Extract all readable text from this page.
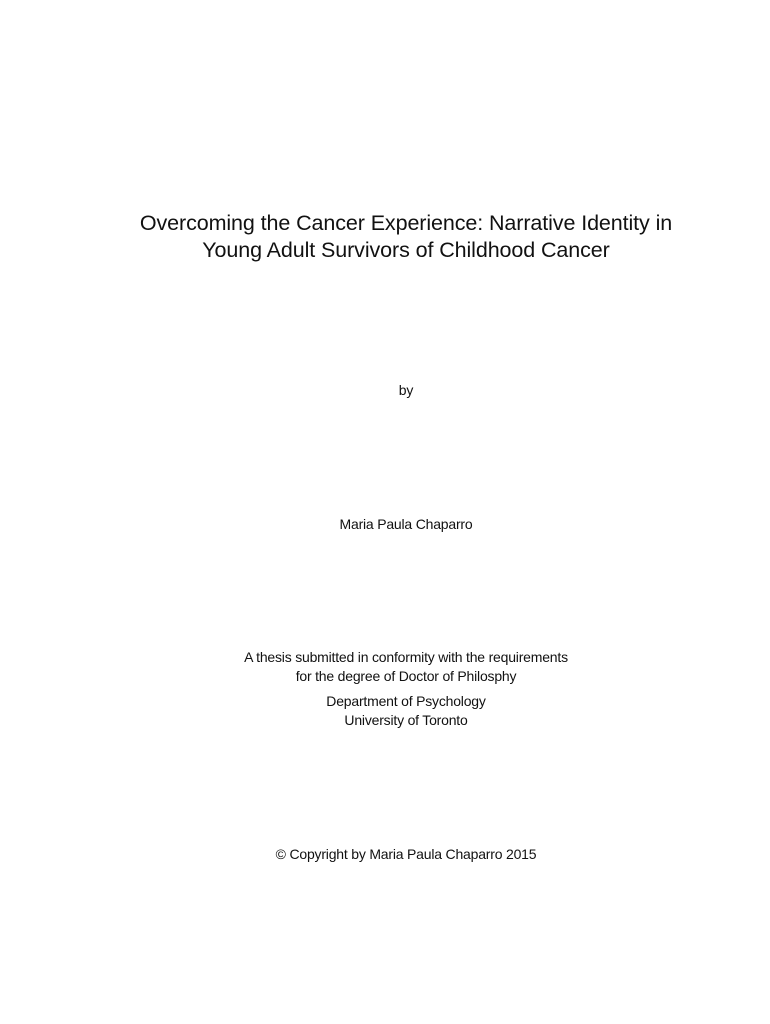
Overcoming the Cancer Experience: Narrative Identity in
Young Adult Survivors of Childhood Cancer
by
Maria Paula Chaparro
A thesis submitted in conformity with the requirements
for the degree of Doctor of Philosphy
Department of Psychology
University of Toronto
© Copyright by Maria Paula Chaparro 2015
